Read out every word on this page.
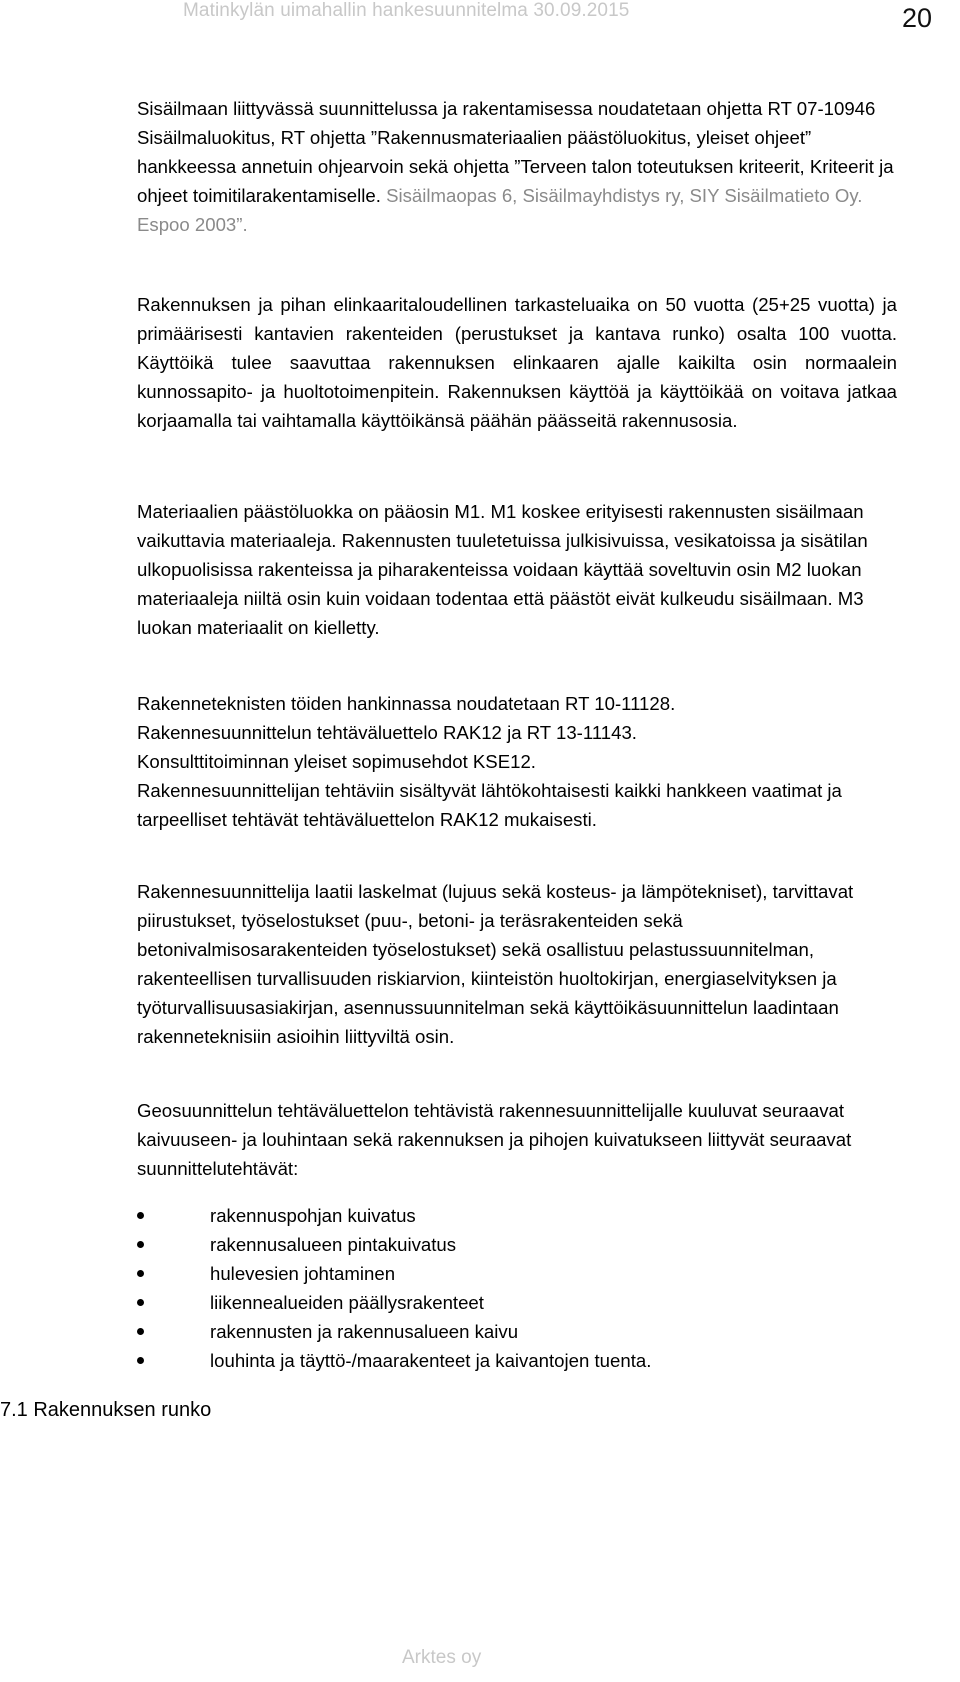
Matinkylän uimahallin hankesuunnitelma 30.09.2015	20

Sisäilmaan liittyvässä suunnittelussa ja rakentamisessa noudatetaan ohjetta RT 07-10946 Sisäilmaluokitus, RT ohjetta ”Rakennusmateriaalien päästöluokitus, yleiset ohjeet” hankkeessa annetuin ohjearvoin sekä ohjetta ”Terveen talon toteutuksen kriteerit, Kriteerit ja ohjeet toimitilarakentamiselle. Sisäilmaopas 6, Sisäilmayhdistys ry, SIY Sisäilmatieto Oy. Espoo 2003”.

Rakennuksen ja pihan elinkaaritaloudellinen tarkasteluaika on 50 vuotta (25+25 vuotta) ja primäärisesti kantavien rakenteiden (perustukset ja kantava runko) osalta 100 vuotta. Käyttöikä tulee saavuttaa rakennuksen elinkaaren ajalle kaikilta osin normaalein kunnossapito- ja huoltotoimenpitein. Rakennuksen käyttöä ja käyttöikää on voitava jatkaa korjaamalla tai vaihtamalla käyttöikänsä päähän päässeitä rakennusosia.

Materiaalien päästöluokka on pääosin M1. M1 koskee erityisesti rakennusten sisäilmaan vaikuttavia materiaaleja. Rakennusten tuuletetuissa julkisivuissa, vesikatoissa ja sisätilan ulkopuolisissa rakenteissa ja piharakenteissa voidaan käyttää soveltuvin osin M2 luokan materiaaleja niiltä osin kuin voidaan todentaa että päästöt eivät kulkeudu sisäilmaan. M3 luokan materiaalit on kielletty.

Rakenneteknisten töiden hankinnassa noudatetaan RT 10-11128.
Rakennesuunnittelun tehtäväluettelo RAK12 ja RT 13-11143.
Konsulttitoiminnan yleiset sopimusehdot KSE12.
Rakennesuunnittelijan tehtäviin sisältyvät lähtökohtaisesti kaikki hankkeen vaatimat ja tarpeelliset tehtävät tehtäväluettelon RAK12 mukaisesti.

Rakennesuunnittelija laatii laskelmat (lujuus sekä kosteus- ja lämpötekniset), tarvittavat piirustukset, työselostukset (puu-, betoni- ja teräsrakenteiden sekä betonivalmisosarakenteiden työselostukset) sekä osallistuu pelastussuunnitelman, rakenteellisen turvallisuuden riskiarvion, kiinteistön huoltokirjan, energiaselvityksen ja työturvallisuusasiakirjan, asennussuunnitelman sekä käyttöikäsuunnittelun laadintaan rakenneteknisiin asioihin liittyviltä osin.

Geosuunnittelun tehtäväluettelon tehtävistä rakennesuunnittelijalle kuuluvat seuraavat kaivuuseen- ja louhintaan sekä rakennuksen ja pihojen kuivatukseen liittyvät seuraavat suunnittelutehtävät:

rakennuspohjan kuivatus
rakennusalueen pintakuivatus
hulevesien johtaminen
liikennealueiden päällysrakenteet
rakennusten ja rakennusalueen kaivu
louhinta ja täyttö-/maarakenteet ja kaivantojen tuenta.
7.1 Rakennuksen runko
Arktes oy
